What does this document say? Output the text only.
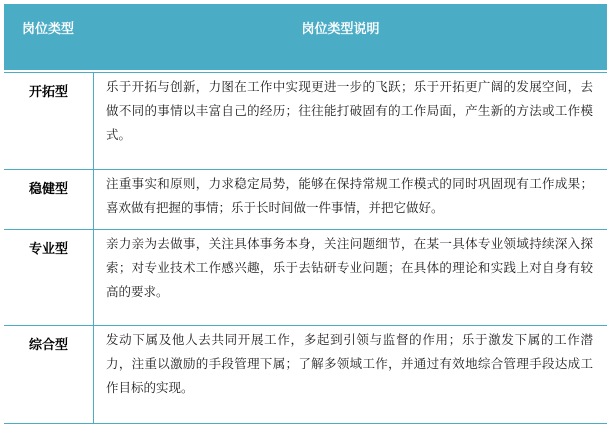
岗位类型	岗位类型说明
开拓型	乐于开拓与创新，力图在工作中实现更进一步的飞跃；乐于开拓更广阔的发展空间，去做不同的事情以丰富自己的经历；往往能打破固有的工作局面，产生新的方法或工作模式。
稳健型	注重事实和原则，力求稳定局势，能够在保持常规工作模式的同时巩固现有工作成果；喜欢做有把握的事情；乐于长时间做一件事情，并把它做好。
专业型	亲力亲为去做事，关注具体事务本身，关注问题细节，在某一具体专业领域持续深入探索；对专业技术工作感兴趣，乐于去钻研专业问题；在具体的理论和实践上对自身有较高的要求。
综合型	发动下属及他人去共同开展工作，多起到引领与监督的作用；乐于激发下属的工作潜力，注重以激励的手段管理下属；了解多领域工作，并通过有效地综合管理手段达成工作目标的实现。
